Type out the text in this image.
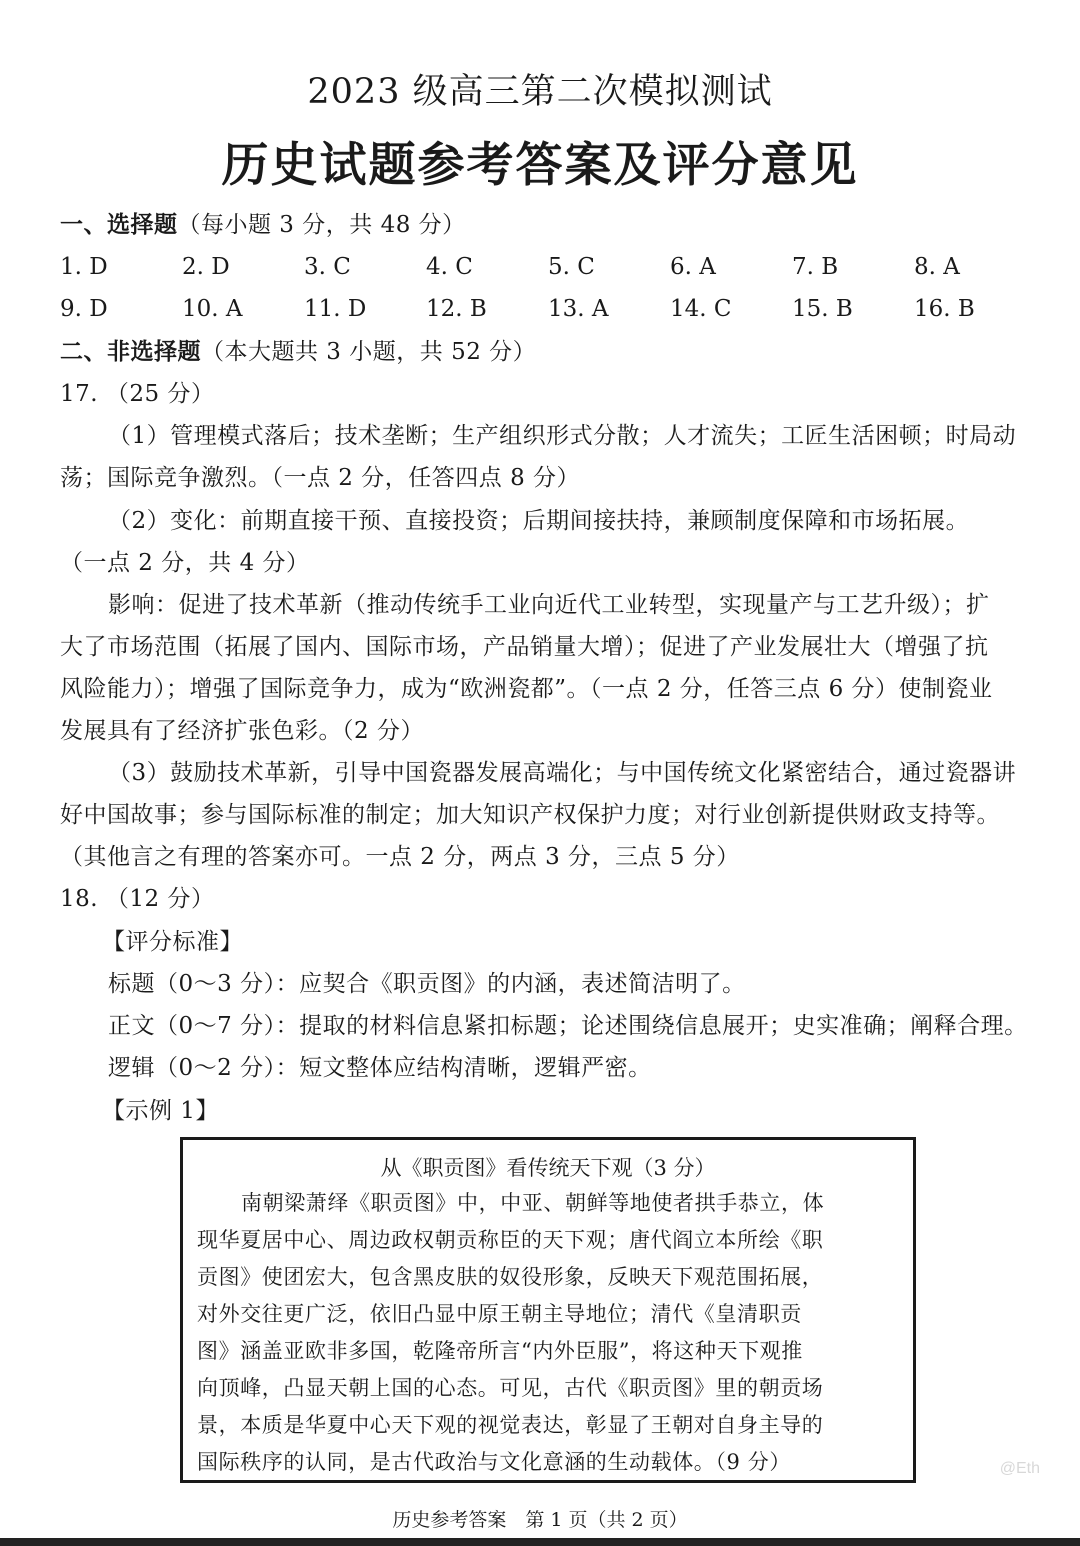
2023 级高三第二次模拟测试
历史试题参考答案及评分意见
一、选择题（每小题 3 分，共 48 分）
1. D	2. D	3. C	4. C	5. C	6. A	7. B	8. A
9. D	10. A	11. D	12. B	13. A	14. C	15. B	16. B
二、非选择题（本大题共 3 小题，共 52 分）
17. （25 分）
（1）管理模式落后；技术垄断；生产组织形式分散；人才流失；工匠生活困顿；时局动
荡；国际竞争激烈。（一点 2 分，任答四点 8 分）
（2）变化：前期直接干预、直接投资；后期间接扶持，兼顾制度保障和市场拓展。
（一点 2 分，共 4 分）
影响：促进了技术革新（推动传统手工业向近代工业转型，实现量产与工艺升级）；扩
大了市场范围（拓展了国内、国际市场，产品销量大增）；促进了产业发展壮大（增强了抗
风险能力）；增强了国际竞争力，成为“欧洲瓷都”。（一点 2 分，任答三点 6 分）使制瓷业
发展具有了经济扩张色彩。（2 分）
（3）鼓励技术革新，引导中国瓷器发展高端化；与中国传统文化紧密结合，通过瓷器讲
好中国故事；参与国际标准的制定；加大知识产权保护力度；对行业创新提供财政支持等。
（其他言之有理的答案亦可。一点 2 分，两点 3 分，三点 5 分）
18. （12 分）
【评分标准】
标题（0～3 分）：应契合《职贡图》的内涵，表述简洁明了。
正文（0～7 分）：提取的材料信息紧扣标题；论述围绕信息展开；史实准确；阐释合理。
逻辑（0～2 分）：短文整体应结构清晰，逻辑严密。
【示例 1】
从《职贡图》看传统天下观（3 分）
南朝梁萧绎《职贡图》中，中亚、朝鲜等地使者拱手恭立，体
现华夏居中心、周边政权朝贡称臣的天下观；唐代阎立本所绘《职
贡图》使团宏大，包含黑皮肤的奴役形象，反映天下观范围拓展，
对外交往更广泛，依旧凸显中原王朝主导地位；清代《皇清职贡
图》涵盖亚欧非多国，乾隆帝所言“内外臣服”，将这种天下观推
向顶峰，凸显天朝上国的心态。可见，古代《职贡图》里的朝贡场
景，本质是华夏中心天下观的视觉表达，彰显了王朝对自身主导的
国际秩序的认同，是古代政治与文化意涵的生动载体。（9 分）	@Eth
历史参考答案　第 1 页（共 2 页）
